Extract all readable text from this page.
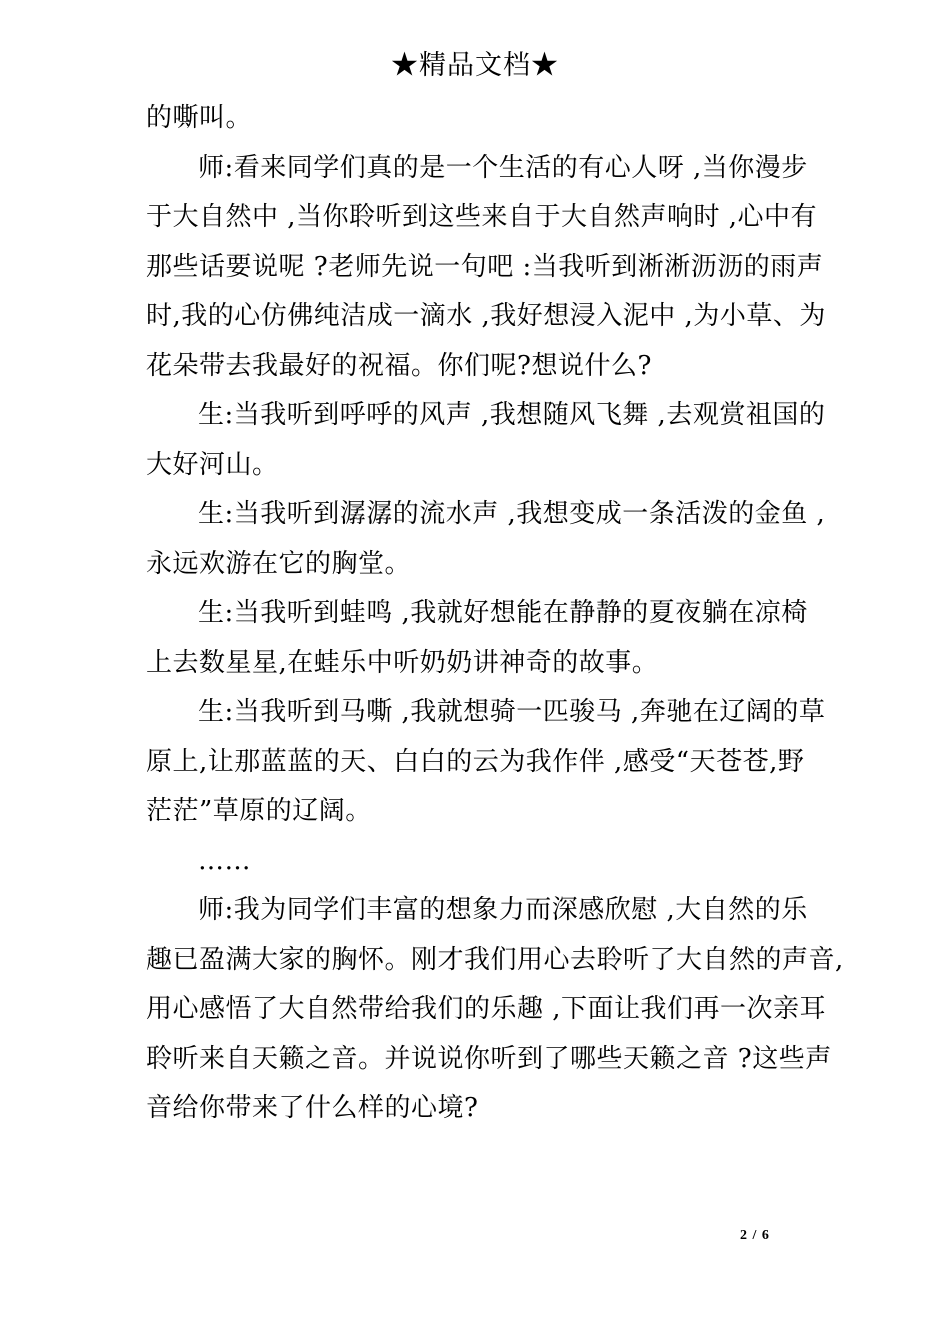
★精品文档★
的嘶叫。
师:看来同学们真的是一个生活的有心人呀 ,当你漫步
于大自然中 ,当你聆听到这些来自于大自然声响时 ,心中有
那些话要说呢 ?老师先说一句吧 :当我听到淅淅沥沥的雨声
时,我的心仿佛纯洁成一滴水 ,我好想浸入泥中 ,为小草、为
花朵带去我最好的祝福。你们呢?想说什么?
生:当我听到呼呼的风声 ,我想随风飞舞 ,去观赏祖国的
大好河山。
生:当我听到潺潺的流水声 ,我想变成一条活泼的金鱼 ,
永远欢游在它的胸堂。
生:当我听到蛙鸣 ,我就好想能在静静的夏夜躺在凉椅
上去数星星,在蛙乐中听奶奶讲神奇的故事。
生:当我听到马嘶 ,我就想骑一匹骏马 ,奔驰在辽阔的草
原上,让那蓝蓝的天、白白的云为我作伴 ,感受“天苍苍,野
茫茫”草原的辽阔。
……
师:我为同学们丰富的想象力而深感欣慰 ,大自然的乐
趣已盈满大家的胸怀。刚才我们用心去聆听了大自然的声音,
用心感悟了大自然带给我们的乐趣 ,下面让我们再一次亲耳
聆听来自天籁之音。并说说你听到了哪些天籁之音 ?这些声
音给你带来了什么样的心境?
2 / 6
